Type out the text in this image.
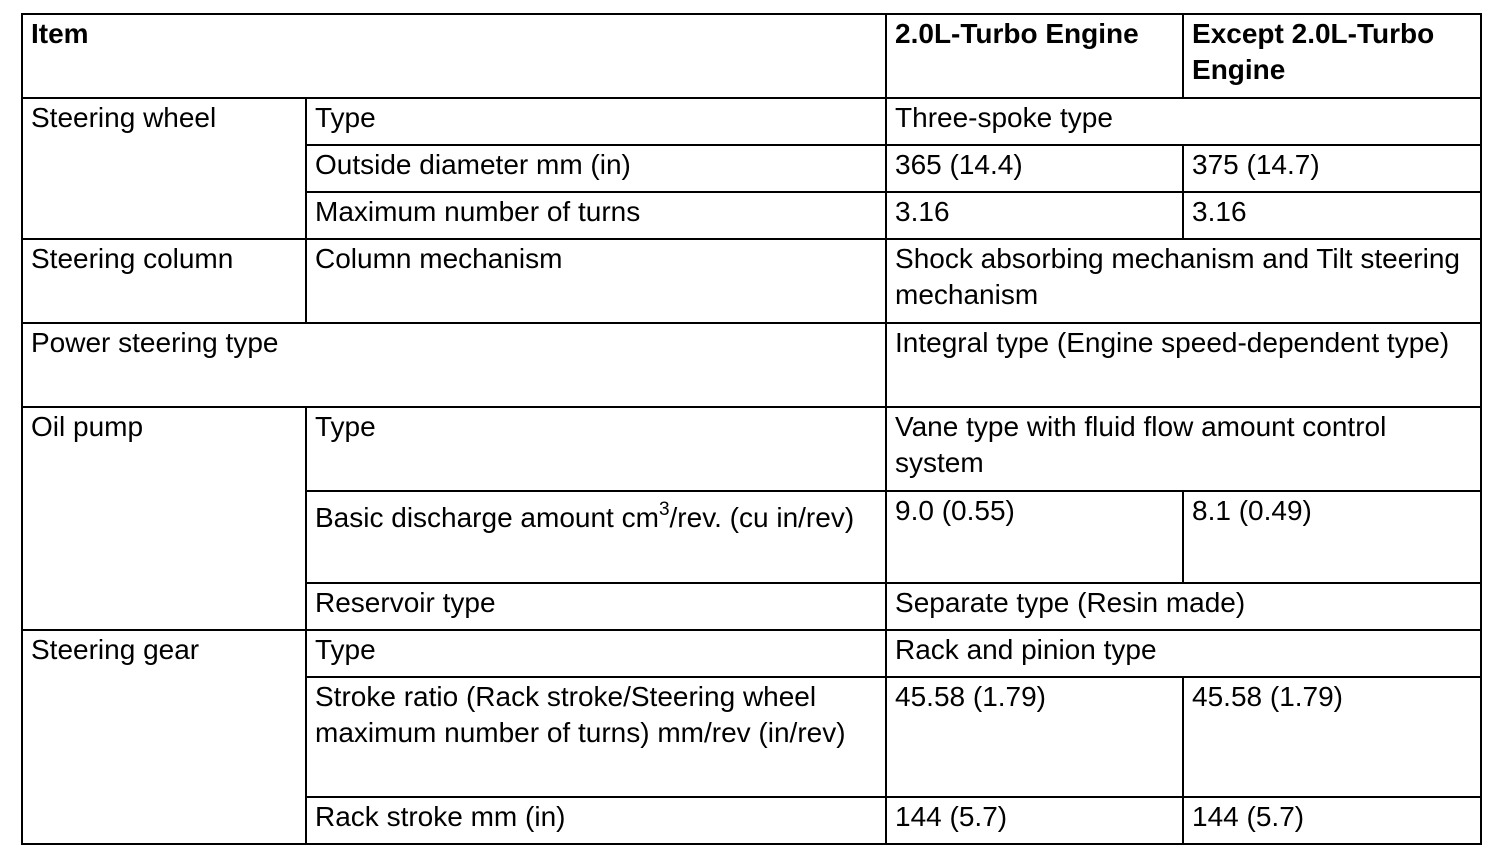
Item		2.0L-Turbo Engine	Except 2.0L-Turbo Engine
Steering wheel	Type	Three-spoke type	
	Outside diameter mm (in)	365 (14.4)	375 (14.7)
	Maximum number of turns	3.16	3.16
Steering column	Column mechanism	Shock absorbing mechanism and Tilt steering mechanism	
Power steering type		Integral type (Engine speed-dependent type)	
Oil pump	Type	Vane type with fluid flow amount control system	
	Basic discharge amount $cm^3$/rev. (cu in/rev)	9.0 (0.55)	8.1 (0.49)
	Reservoir type	Separate type (Resin made)	
Steering gear	Type	Rack and pinion type	
	Stroke ratio (Rack stroke/Steering wheel maximum number of turns) mm/rev (in/rev)	45.58 (1.79)	45.58 (1.79)
	Rack stroke mm (in)	144 (5.7)	144 (5.7)
